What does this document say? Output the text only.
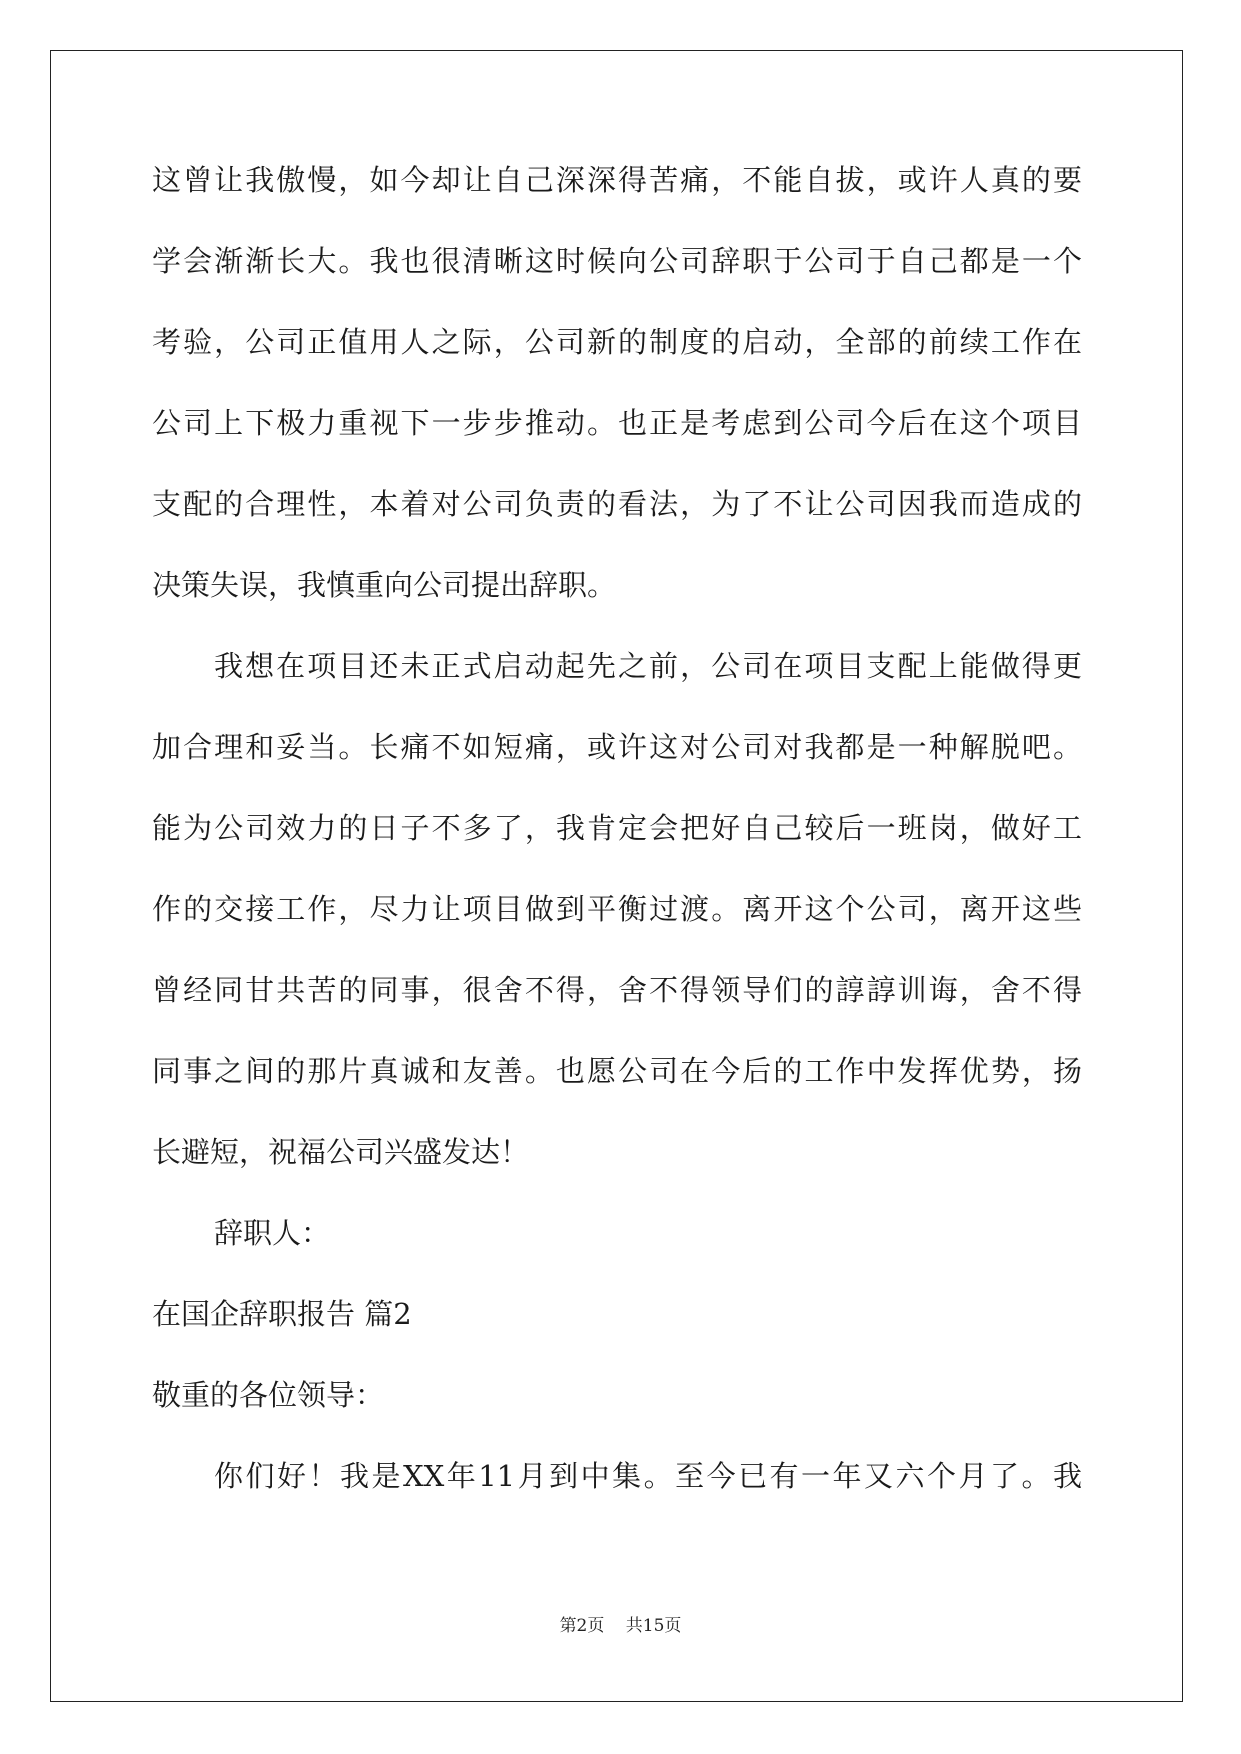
这曾让我傲慢，如今却让自己深深得苦痛，不能自拔，或许人真的要
学会渐渐长大。我也很清晰这时候向公司辞职于公司于自己都是一个
考验，公司正值用人之际，公司新的制度的启动，全部的前续工作在
公司上下极力重视下一步步推动。也正是考虑到公司今后在这个项目
支配的合理性，本着对公司负责的看法，为了不让公司因我而造成的
决策失误，我慎重向公司提出辞职。
我想在项目还未正式启动起先之前，公司在项目支配上能做得更
加合理和妥当。长痛不如短痛，或许这对公司对我都是一种解脱吧。
能为公司效力的日子不多了，我肯定会把好自己较后一班岗，做好工
作的交接工作，尽力让项目做到平衡过渡。离开这个公司，离开这些
曾经同甘共苦的同事，很舍不得，舍不得领导们的諄諄训诲，舍不得
同事之间的那片真诚和友善。也愿公司在今后的工作中发挥优势，扬
长避短，祝福公司兴盛发达！
辞职人：
在国企辞职报告 篇2
敬重的各位领导：
你们好！我是XX年11月到中集。至今已有一年又六个月了。我
第2页 共15页
